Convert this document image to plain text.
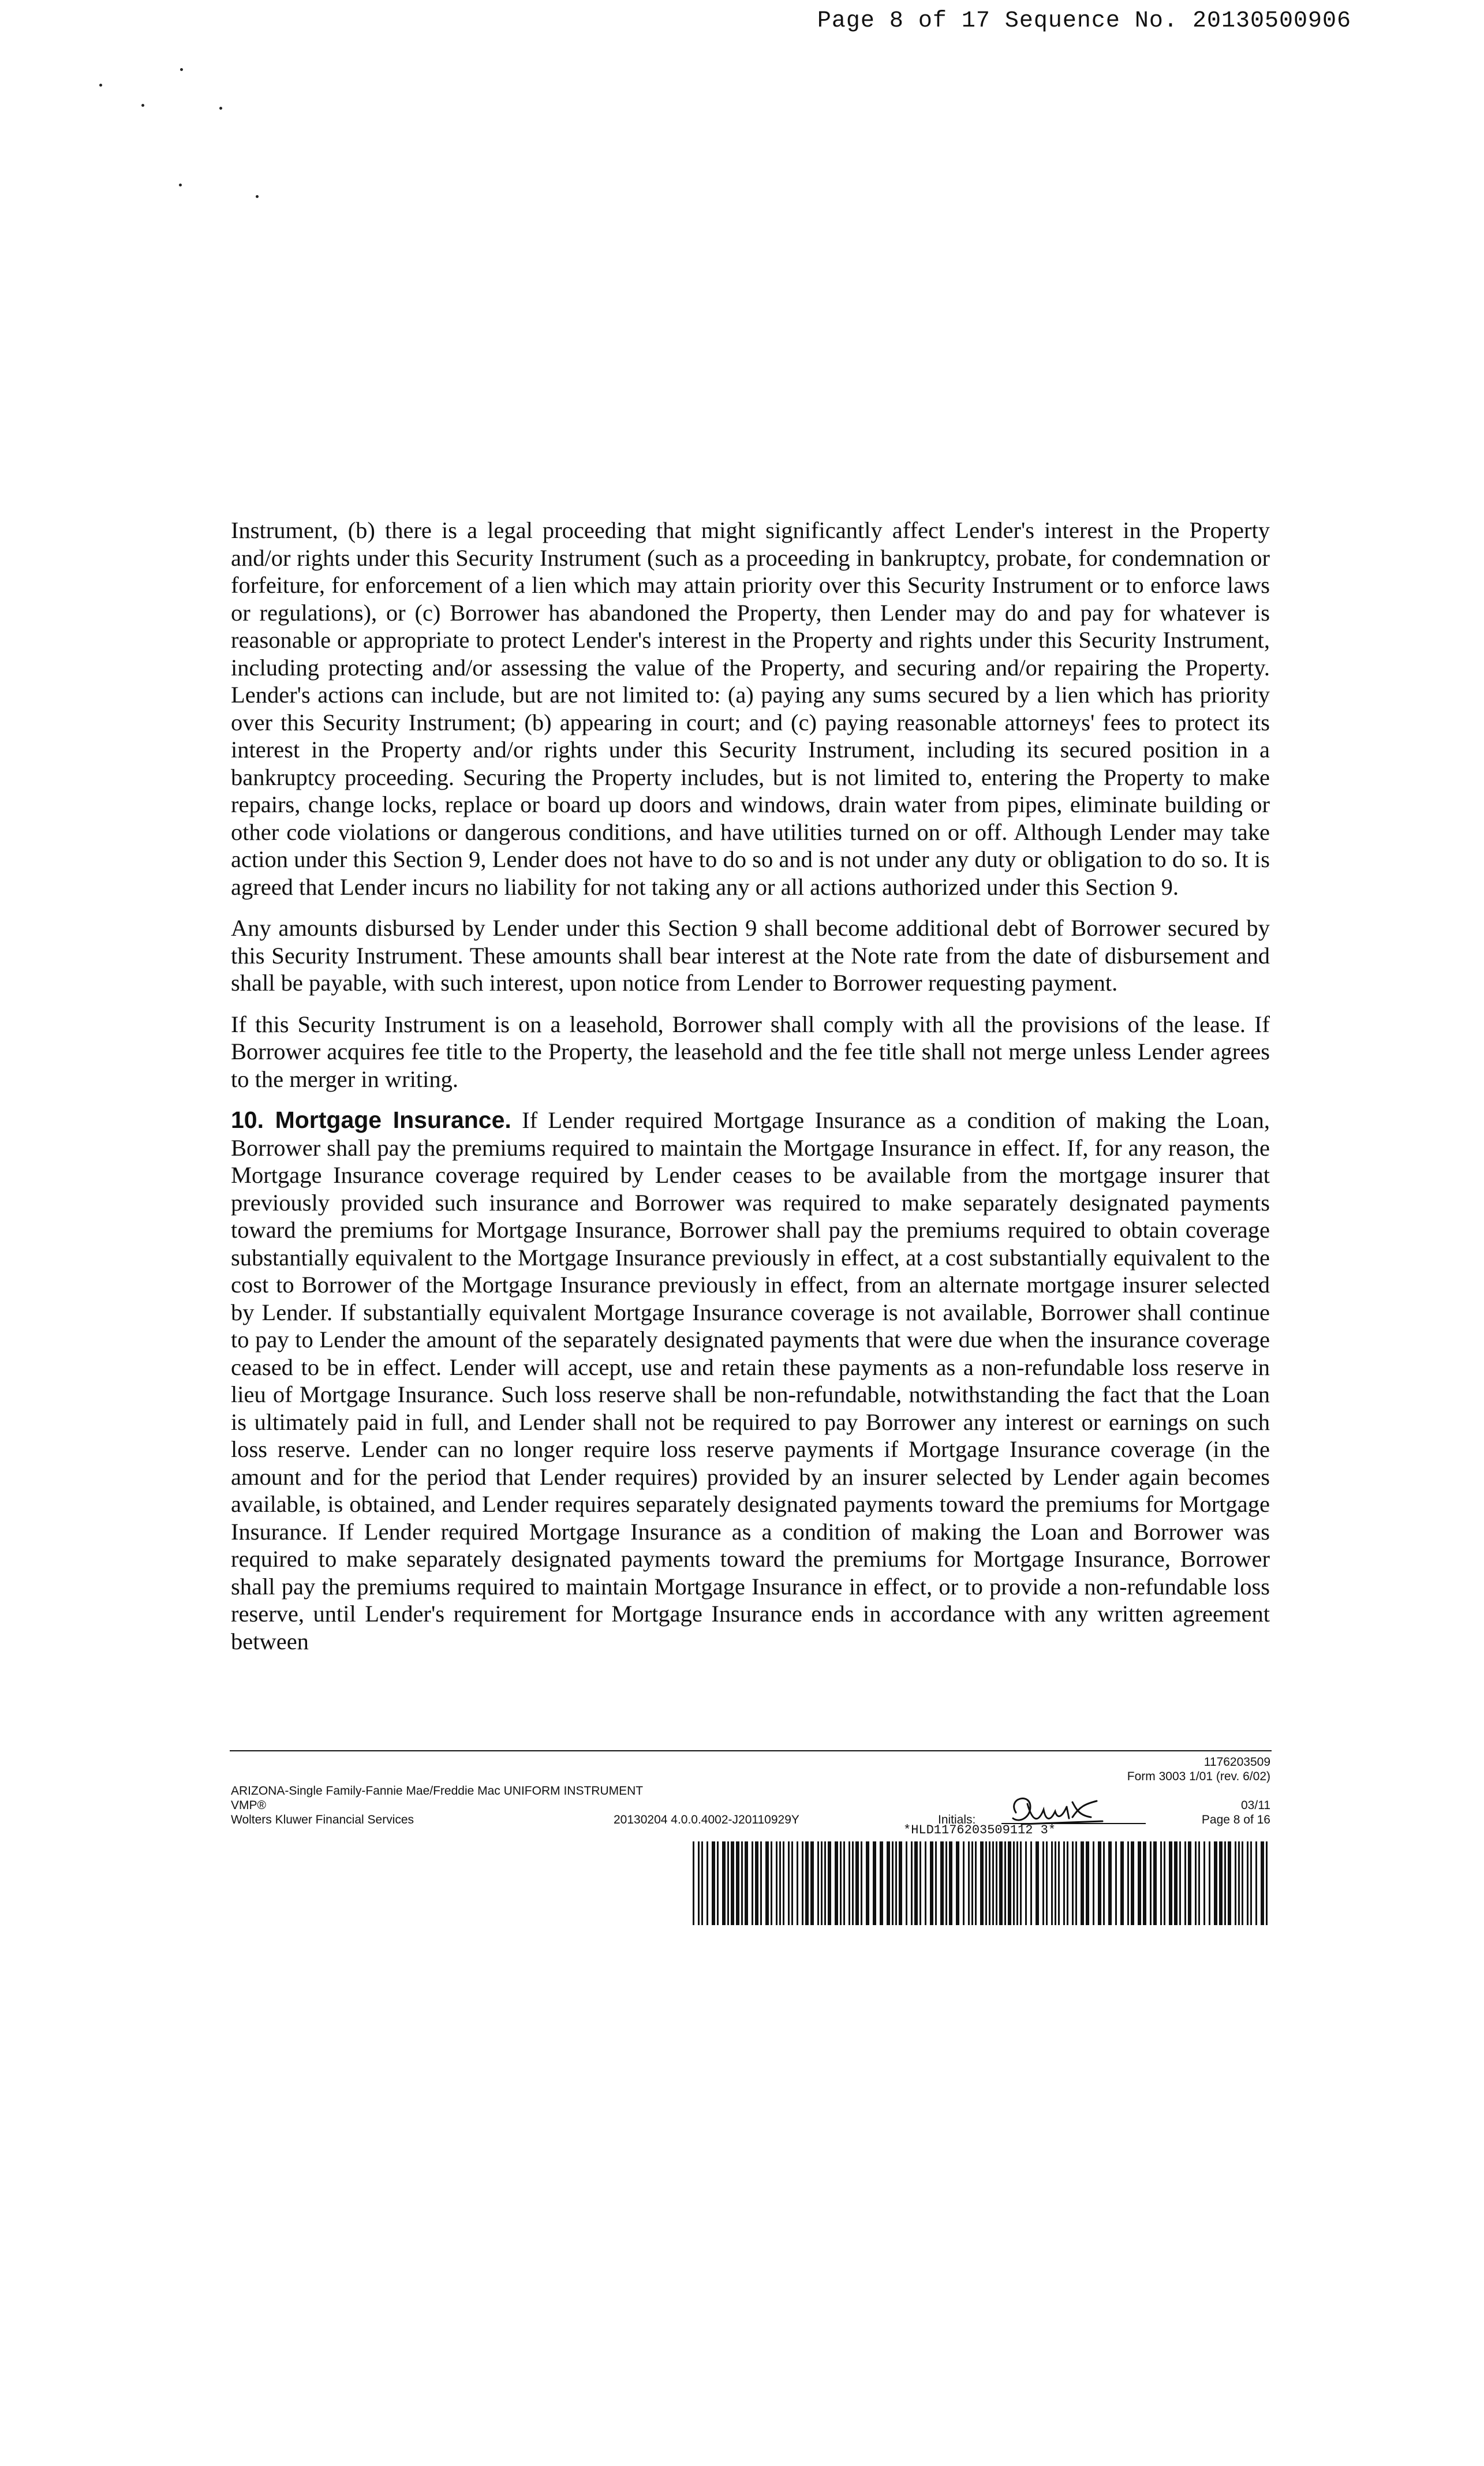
Page 8 of 17 Sequence No. 20130500906

Instrument, (b) there is a legal proceeding that might significantly affect Lender's interest in the Property and/or rights under this Security Instrument (such as a proceeding in bankruptcy, probate, for condemnation or forfeiture, for enforcement of a lien which may attain priority over this Security Instrument or to enforce laws or regulations), or (c) Borrower has abandoned the Property, then Lender may do and pay for whatever is reasonable or appropriate to protect Lender's interest in the Property and rights under this Security Instrument, including protecting and/or assessing the value of the Property, and securing and/or repairing the Property. Lender's actions can include, but are not limited to: (a) paying any sums secured by a lien which has priority over this Security Instrument; (b) appearing in court; and (c) paying reasonable attorneys' fees to protect its interest in the Property and/or rights under this Security Instrument, including its secured position in a bankruptcy proceeding. Securing the Property includes, but is not limited to, entering the Property to make repairs, change locks, replace or board up doors and windows, drain water from pipes, eliminate building or other code violations or dangerous conditions, and have utilities turned on or off. Although Lender may take action under this Section 9, Lender does not have to do so and is not under any duty or obligation to do so. It is agreed that Lender incurs no liability for not taking any or all actions authorized under this Section 9.

Any amounts disbursed by Lender under this Section 9 shall become additional debt of Borrower secured by this Security Instrument. These amounts shall bear interest at the Note rate from the date of disbursement and shall be payable, with such interest, upon notice from Lender to Borrower requesting payment.

If this Security Instrument is on a leasehold, Borrower shall comply with all the provisions of the lease. If Borrower acquires fee title to the Property, the leasehold and the fee title shall not merge unless Lender agrees to the merger in writing.

10. Mortgage Insurance. If Lender required Mortgage Insurance as a condition of making the Loan, Borrower shall pay the premiums required to maintain the Mortgage Insurance in effect. If, for any reason, the Mortgage Insurance coverage required by Lender ceases to be available from the mortgage insurer that previously provided such insurance and Borrower was required to make separately designated payments toward the premiums for Mortgage Insurance, Borrower shall pay the premiums required to obtain coverage substantially equivalent to the Mortgage Insurance previously in effect, at a cost substantially equivalent to the cost to Borrower of the Mortgage Insurance previously in effect, from an alternate mortgage insurer selected by Lender. If substantially equivalent Mortgage Insurance coverage is not available, Borrower shall continue to pay to Lender the amount of the separately designated payments that were due when the insurance coverage ceased to be in effect. Lender will accept, use and retain these payments as a non-refundable loss reserve in lieu of Mortgage Insurance. Such loss reserve shall be non-refundable, notwithstanding the fact that the Loan is ultimately paid in full, and Lender shall not be required to pay Borrower any interest or earnings on such loss reserve. Lender can no longer require loss reserve payments if Mortgage Insurance coverage (in the amount and for the period that Lender requires) provided by an insurer selected by Lender again becomes available, is obtained, and Lender requires separately designated payments toward the premiums for Mortgage Insurance. If Lender required Mortgage Insurance as a condition of making the Loan and Borrower was required to make separately designated payments toward the premiums for Mortgage Insurance, Borrower shall pay the premiums required to maintain Mortgage Insurance in effect, or to provide a non-refundable loss reserve, until Lender's requirement for Mortgage Insurance ends in accordance with any written agreement between

ARIZONA-Single Family-Fannie Mae/Freddie Mac UNIFORM INSTRUMENT
VMP®
Wolters Kluwer Financial Services	20130204 4.0.0.4002-J20110929Y
1176203509
Form 3003 1/01 (rev. 6/02)
03/11
Initials:	Page 8 of 16
*HLD1176203509112 3*
